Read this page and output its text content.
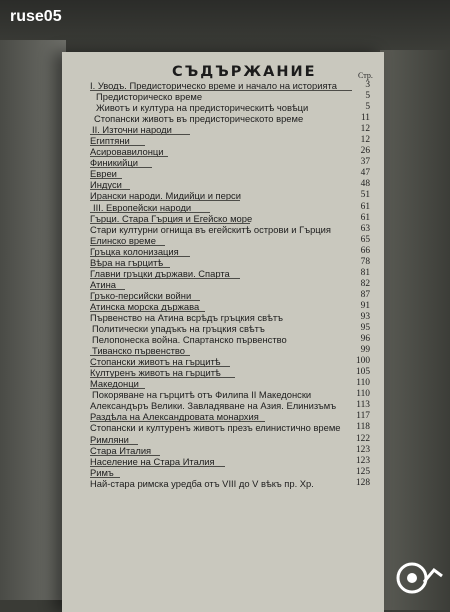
ruse05
СЪДЪРЖАНИЕ	Стр.
I. Уводъ. Предисторическо време и начало на историята	3
Предисторическо време	5
Животъ и култура на предисторическитѣ човѣци	5
Стопански животъ въ предисторическото време	11
II. Източни народи	12
Египтяни	12
Асировавилонци	26
Финикийци	37
Евреи	47
Индуси	48
Ирански народи. Мидийци и перси	51
III. Европейски народи	61
Гърци. Стара Гърция и Егейско море	61
Стари културни огнища въ егейскитѣ острови и Гърция	63
Елинско време	65
Гръцка колонизация	66
Вѣра на гърцитѣ	78
Главни гръцки държави. Спарта	81
Атина	82
Гръко-персийски войни	87
Атинска морска държава	91
Първенство на Атина всрѣдъ гръцкия свѣтъ	93
Политически упадъкъ на гръцкия свѣтъ	95
Пелопонеска война. Спартанско първенство	96
Тиванско първенство	99
Стопански животъ на гърцитѣ	100
Културенъ животъ на гърцитѣ	105
Македонци	110
Покоряване на гърцитѣ отъ Филипа II Македонски	110
Александъръ Велики. Завладяване на Азия. Елинизъмъ 113
Раздѣла на Александровата монархия	117
Стопански и културенъ животъ презъ елинистично време 118
Римляни	122
Стара Италия	123
Население на Стара Италия	123
Римъ	125
Най-стара римска уредба отъ VIII до V вѣкъ пр. Хр.	128
